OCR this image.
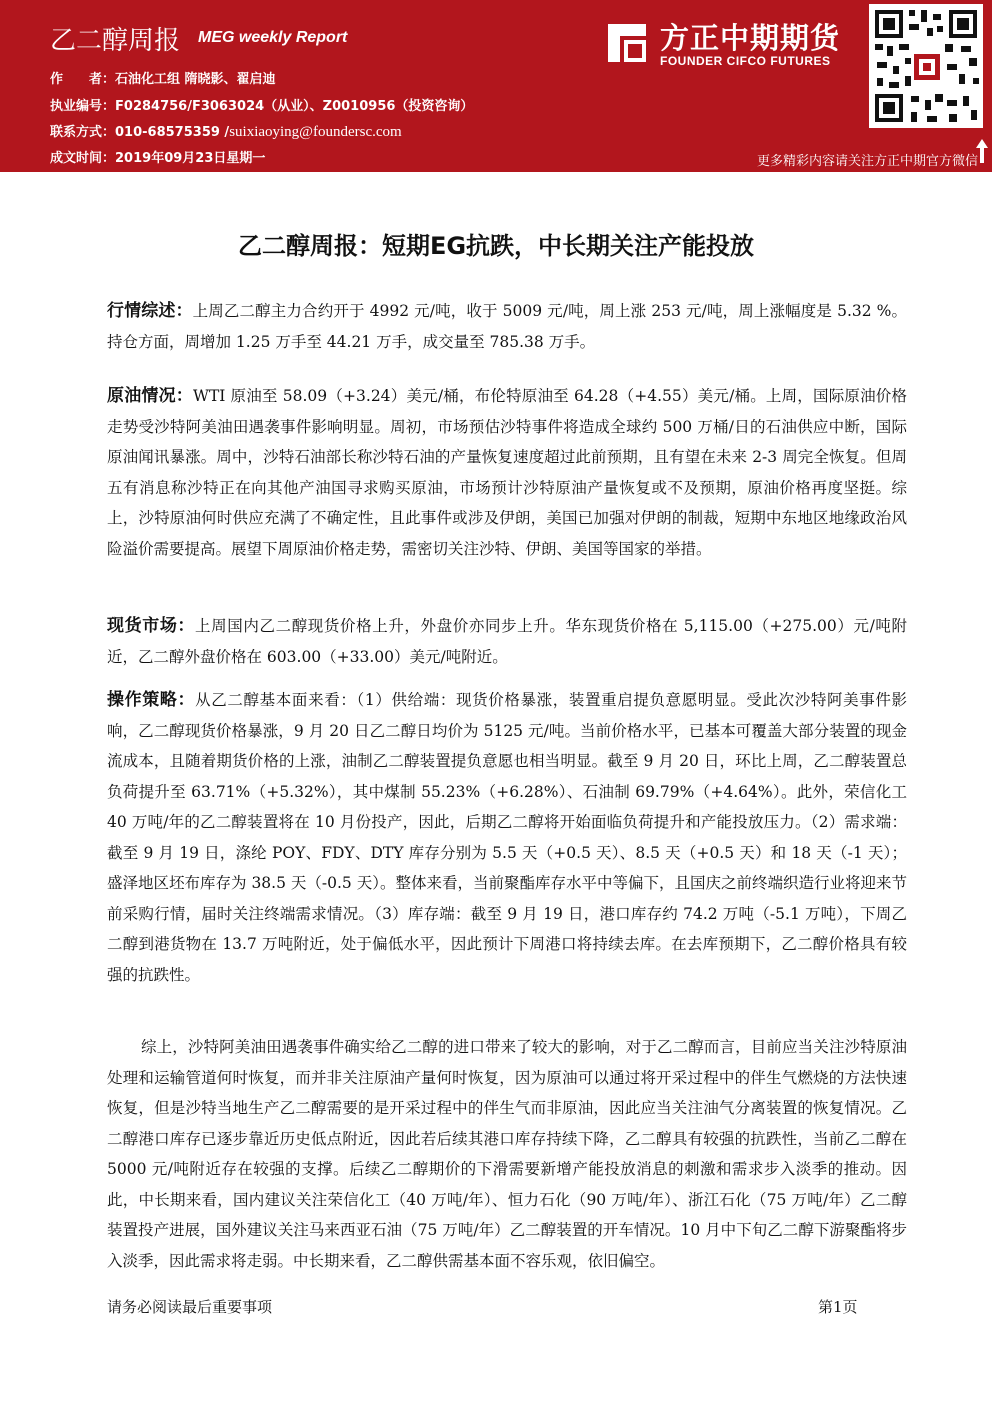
乙二醇周报 MEG weekly Report
作　　者：石油化工组 隋晓影、翟启迪
执业编号：F0284756/F3063024（从业）、Z0010956（投资咨询）
联系方式：010-68575359 /suixiaoying@foundersc.com
成文时间：2019年09月23日星期一
方正中期期货
FOUNDER CIFCO FUTURES
更多精彩内容请关注方正中期官方微信
乙二醇周报：短期EG抗跌，中长期关注产能投放
行情综述：上周乙二醇主力合约开于 4992 元/吨，收于 5009 元/吨，周上涨 253 元/吨，周上涨幅度是 5.32 %。持仓方面，周增加 1.25 万手至 44.21 万手，成交量至 785.38 万手。
原油情况：WTI 原油至 58.09（+3.24）美元/桶，布伦特原油至 64.28（+4.55）美元/桶。上周，国际原油价格走势受沙特阿美油田遇袭事件影响明显。周初，市场预估沙特事件将造成全球约 500 万桶/日的石油供应中断，国际原油闻讯暴涨。周中，沙特石油部长称沙特石油的产量恢复速度超过此前预期，且有望在未来 2-3 周完全恢复。但周五有消息称沙特正在向其他产油国寻求购买原油，市场预计沙特原油产量恢复或不及预期，原油价格再度坚挺。综上，沙特原油何时供应充满了不确定性，且此事件或涉及伊朗，美国已加强对伊朗的制裁，短期中东地区地缘政治风险溢价需要提高。展望下周原油价格走势，需密切关注沙特、伊朗、美国等国家的举措。
现货市场：上周国内乙二醇现货价格上升，外盘价亦同步上升。华东现货价格在 5,115.00（+275.00）元/吨附近，乙二醇外盘价格在 603.00（+33.00）美元/吨附近。
操作策略：从乙二醇基本面来看：（1）供给端：现货价格暴涨，装置重启提负意愿明显。受此次沙特阿美事件影响，乙二醇现货价格暴涨，9 月 20 日乙二醇日均价为 5125 元/吨。当前价格水平，已基本可覆盖大部分装置的现金流成本，且随着期货价格的上涨，油制乙二醇装置提负意愿也相当明显。截至 9 月 20 日，环比上周，乙二醇装置总负荷提升至 63.71%（+5.32%），其中煤制 55.23%（+6.28%）、石油制 69.79%（+4.64%）。此外，荣信化工 40 万吨/年的乙二醇装置将在 10 月份投产，因此，后期乙二醇将开始面临负荷提升和产能投放压力。（2）需求端：截至 9 月 19 日，涤纶 POY、FDY、DTY 库存分别为 5.5 天（+0.5 天）、8.5 天（+0.5 天）和 18 天（-1 天）；盛泽地区坯布库存为 38.5 天（-0.5 天）。整体来看，当前聚酯库存水平中等偏下，且国庆之前终端织造行业将迎来节前采购行情，届时关注终端需求情况。（3）库存端：截至 9 月 19 日，港口库存约 74.2 万吨（-5.1 万吨），下周乙二醇到港货物在 13.7 万吨附近，处于偏低水平，因此预计下周港口将持续去库。在去库预期下，乙二醇价格具有较强的抗跌性。
综上，沙特阿美油田遇袭事件确实给乙二醇的进口带来了较大的影响，对于乙二醇而言，目前应当关注沙特原油处理和运输管道何时恢复，而并非关注原油产量何时恢复，因为原油可以通过将开采过程中的伴生气燃烧的方法快速恢复，但是沙特当地生产乙二醇需要的是开采过程中的伴生气而非原油，因此应当关注油气分离装置的恢复情况。乙二醇港口库存已逐步靠近历史低点附近，因此若后续其港口库存持续下降，乙二醇具有较强的抗跌性，当前乙二醇在 5000 元/吨附近存在较强的支撑。后续乙二醇期价的下滑需要新增产能投放消息的刺激和需求步入淡季的推动。因此，中长期来看，国内建议关注荣信化工（40 万吨/年）、恒力石化（90 万吨/年）、浙江石化（75 万吨/年）乙二醇装置投产进展，国外建议关注马来西亚石油（75 万吨/年）乙二醇装置的开车情况。10 月中下旬乙二醇下游聚酯将步入淡季，因此需求将走弱。中长期来看，乙二醇供需基本面不容乐观，依旧偏空。
请务必阅读最后重要事项	第1页
